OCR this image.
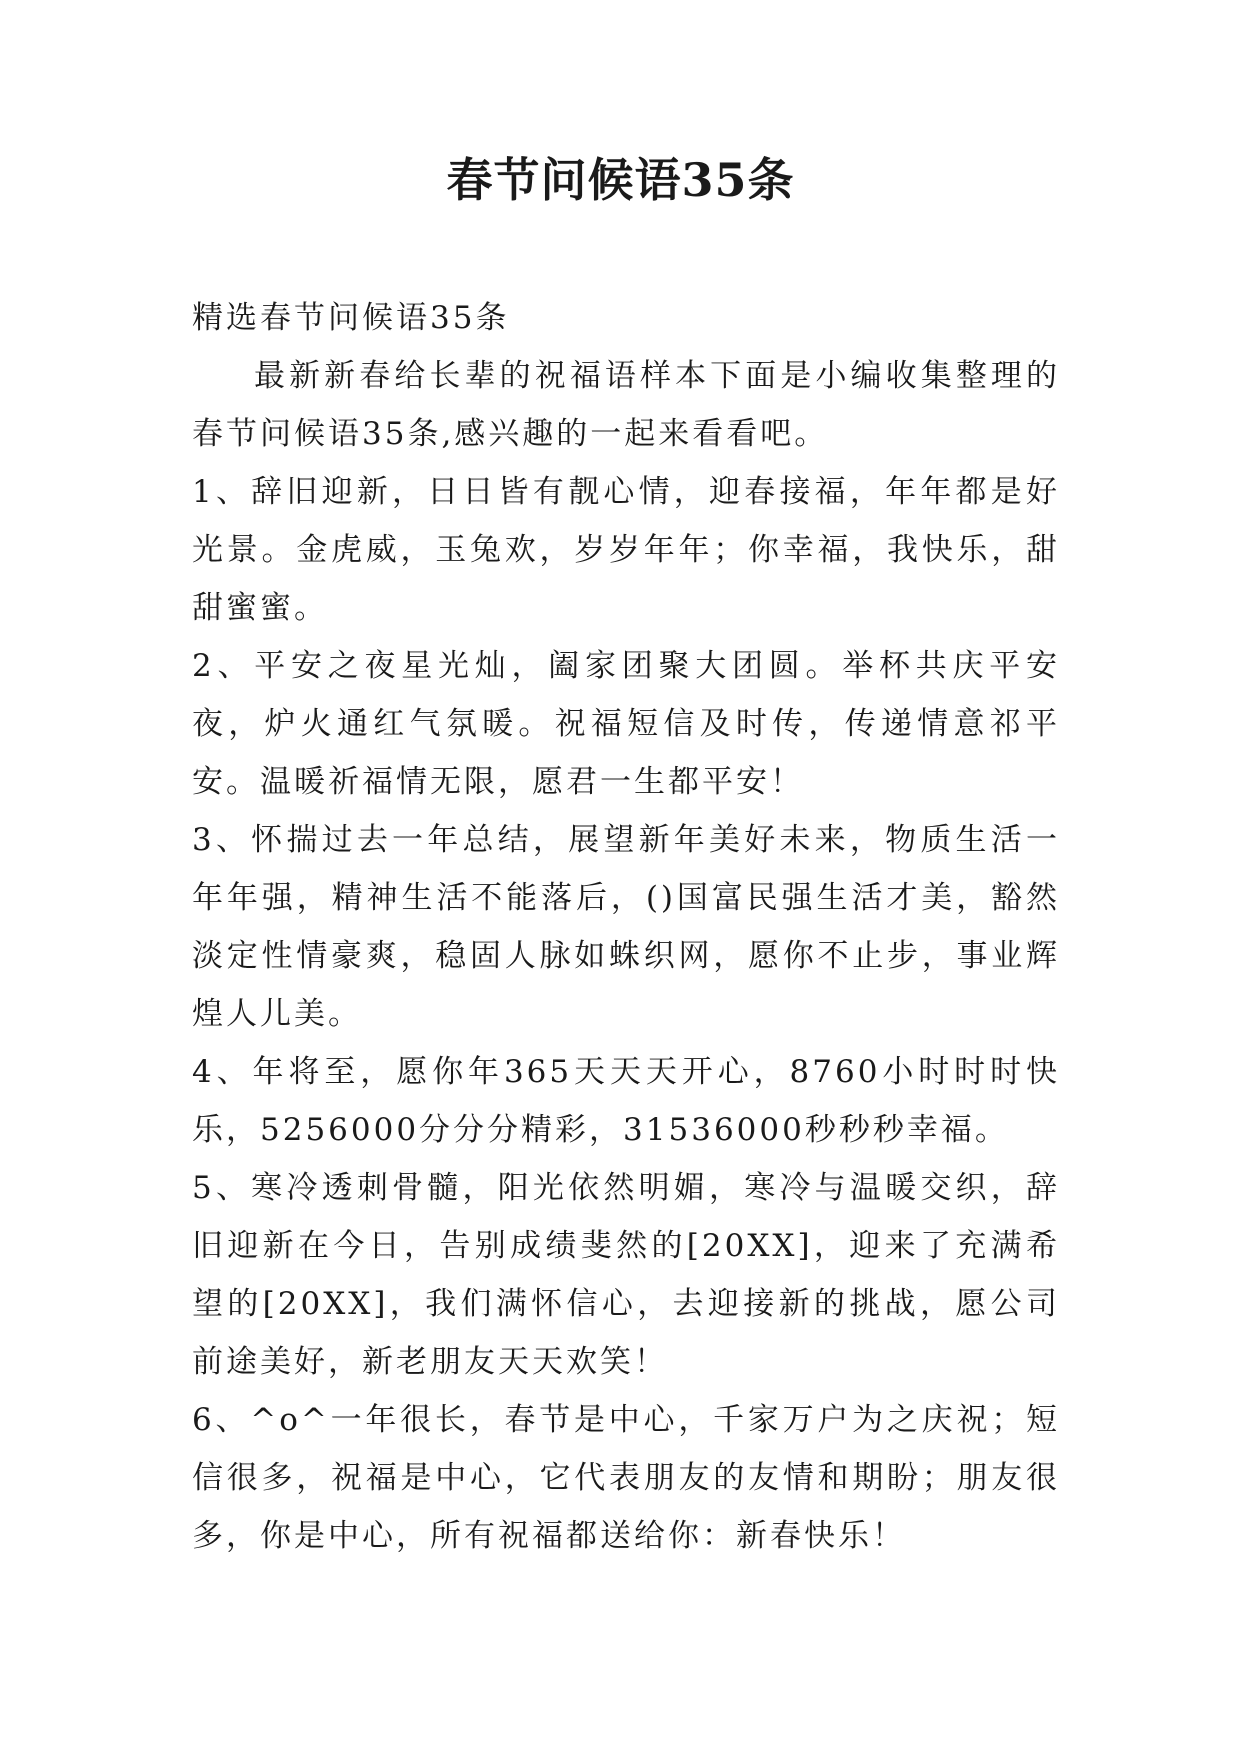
春节问候语35条

精选春节问候语35条

最新新春给长辈的祝福语样本下面是小编收集整理的春节问候语35条,感兴趣的一起来看看吧。

1、辞旧迎新，日日皆有靓心情，迎春接福，年年都是好光景。金虎威，玉兔欢，岁岁年年；你幸福，我快乐，甜甜蜜蜜。

2、平安之夜星光灿，阖家团聚大团圆。举杯共庆平安夜，炉火通红气氛暖。祝福短信及时传，传递情意祁平安。温暖祈福情无限，愿君一生都平安！

3、怀揣过去一年总结，展望新年美好未来，物质生活一年年强，精神生活不能落后，()国富民强生活才美，豁然淡定性情豪爽，稳固人脉如蛛织网，愿你不止步，事业辉煌人儿美。

4、年将至，愿你年365天天天开心，8760小时时时快乐，5256000分分分精彩，31536000秒秒秒幸福。

5、寒冷透刺骨髓，阳光依然明媚，寒冷与温暖交织，辞旧迎新在今日，告别成绩斐然的[20XX]，迎来了充满希望的[20XX]，我们满怀信心，去迎接新的挑战，愿公司前途美好，新老朋友天天欢笑！

6、^o^一年很长，春节是中心，千家万户为之庆祝；短信很多，祝福是中心，它代表朋友的友情和期盼；朋友很多，你是中心，所有祝福都送给你：新春快乐！
